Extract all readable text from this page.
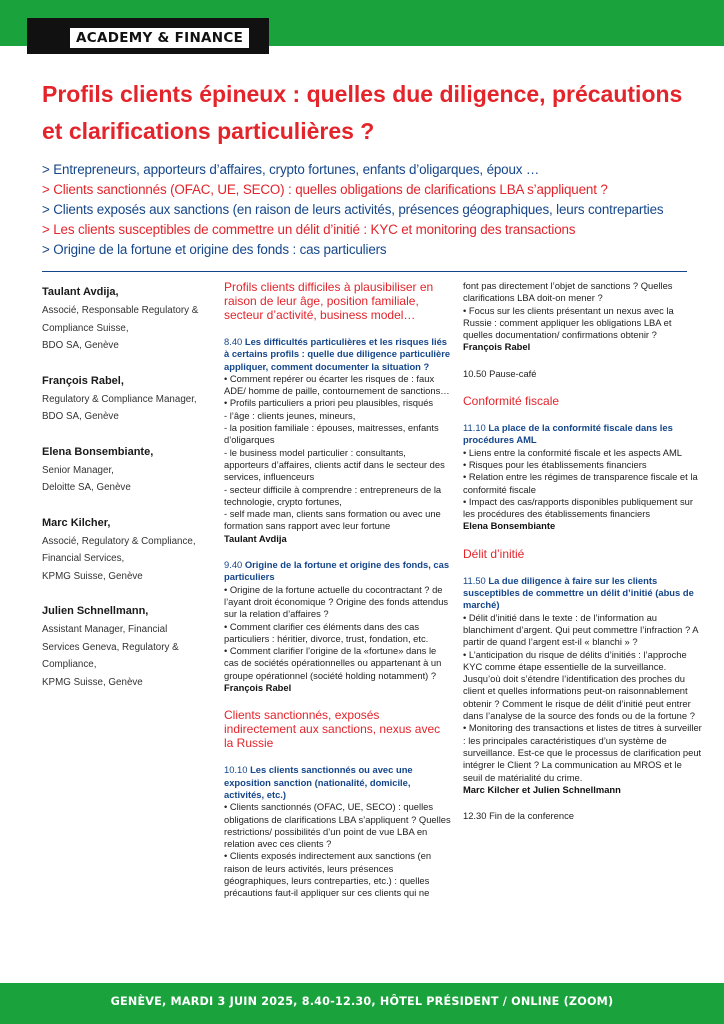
ACADEMY & FINANCE
Profils clients épineux : quelles due diligence, précautions et clarifications particulières ?
> Entrepreneurs, apporteurs d’affaires, crypto fortunes, enfants d’oligarques, époux …
> Clients sanctionnés (OFAC, UE, SECO) : quelles obligations de clarifications LBA s’appliquent ?
> Clients exposés aux sanctions (en raison de leurs activités, présences géographiques, leurs contreparties
> Les clients susceptibles de commettre un délit d’initié : KYC et monitoring des transactions
> Origine de la fortune et origine des fonds : cas particuliers
Taulant Avdija,
Associé, Responsable Regulatory &
Compliance Suisse,
BDO SA, Genève
François Rabel,
Regulatory & Compliance Manager,
BDO SA, Genève
Elena Bonsembiante,
Senior Manager,
Deloitte SA, Genève
Marc Kilcher,
Associé, Regulatory & Compliance,
Financial Services,
KPMG Suisse, Genève
Julien Schnellmann,
Assistant Manager, Financial
Services Geneva, Regulatory &
Compliance,
KPMG Suisse, Genève
Profils clients difficiles à plausibiliser en raison de leur âge, position familiale, secteur d’activité, business model…
8.40 Les difficultés particulières et les risques liés à certains profils : quelle due diligence particulière appliquer, comment documenter la situation ?
• Comment repérer ou écarter les risques de : faux ADE/ homme de paille, contournement de sanctions…
• Profils particuliers a priori peu plausibles, risqués
- l’âge : clients jeunes, mineurs,
- la position familiale : épouses, maitresses, enfants d’oligarques
- le business model particulier : consultants, apporteurs d’affaires, clients actif dans le secteur des services, influenceurs
- secteur difficile à comprendre : entrepreneurs de la technologie, crypto fortunes,
- self made man, clients sans formation ou avec une formation sans rapport avec leur fortune
Taulant Avdija
9.40 Origine de la fortune et origine des fonds, cas particuliers
• Origine de la fortune actuelle du cocontractant ? de l’ayant droit économique ? Origine des fonds attendus sur la relation d’affaires ?
• Comment clarifier ces éléments dans des cas particuliers : héritier, divorce, trust, fondation, etc.
• Comment clarifier l’origine de la «fortune» dans le cas de sociétés opérationnelles ou appartenant à un groupe opérationnel (société holding notamment) ?
François Rabel
Clients sanctionnés, exposés indirectement aux sanctions, nexus avec la Russie
10.10 Les clients sanctionnés ou avec une exposition sanction (nationalité, domicile, activités, etc.)
• Clients sanctionnés (OFAC, UE, SECO) : quelles obligations de clarifications LBA s’appliquent ? Quelles restrictions/ possibilités d’un point de vue LBA en relation avec ces clients ?
• Clients exposés indirectement aux sanctions (en raison de leurs activités, leurs présences géographiques, leurs contreparties, etc.) : quelles précautions faut-il appliquer sur ces clients qui ne
font pas directement l’objet de sanctions ? Quelles clarifications LBA doit-on mener ?
• Focus sur les clients présentant un nexus avec la Russie : comment appliquer les obligations LBA et quelles documentation/ confirmations obtenir ?
François Rabel
10.50 Pause-café
Conformité fiscale
11.10 La place de la conformité fiscale dans les procédures AML
• Liens entre la conformité fiscale et les aspects AML
• Risques pour les établissements financiers
• Relation entre les régimes de transparence fiscale et la conformité fiscale
• Impact des cas/rapports disponibles publiquement sur les procédures des établissements financiers
Elena Bonsembiante
Délit d’initié
11.50 La due diligence à faire sur les clients susceptibles de commettre un délit d’initié (abus de marché)
• Délit d’initié dans le texte : de l’information au blanchiment d’argent. Qui peut commettre l’infraction ? A partir de quand l’argent est-il « blanchi » ?
• L’anticipation du risque de délits d’initiés : l’approche KYC comme étape essentielle de la surveillance. Jusqu’où doit s’étendre l’identification des proches du client et quelles informations peut-on raisonnablement obtenir ? Comment le risque de délit d’initié peut entrer dans l’analyse de la source des fonds ou de la fortune ?
• Monitoring des transactions et listes de titres à surveiller : les principales caractéristiques d’un système de surveillance. Est-ce que le processus de clarification peut intégrer le Client ? La communication au MROS et le seuil de matérialité du crime.
Marc Kilcher et Julien Schnellmann
12.30 Fin de la conference
GENÈVE, MARDI 3 JUIN 2025, 8.40-12.30, HÔTEL PRÉSIDENT / ONLINE (ZOOM)
